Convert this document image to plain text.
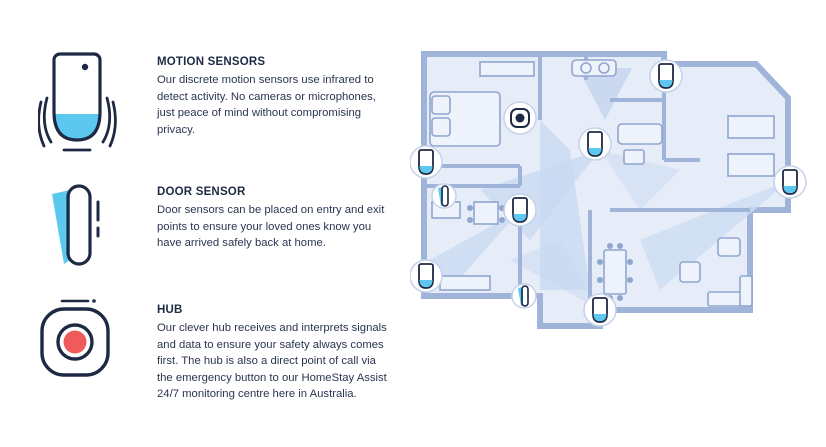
MOTION SENSORS

Our discrete motion sensors use infrared to detect activity. No cameras or microphones, just peace of mind without compromising privacy.

DOOR SENSOR

Door sensors can be placed on entry and exit points to ensure your loved ones know you have arrived safely back at home.

HUB

Our clever hub receives and interprets signals and data to ensure your safety always comes first. The hub is also a direct point of call via the emergency button to our HomeStay Assist 24/7 monitoring centre here in Australia.
